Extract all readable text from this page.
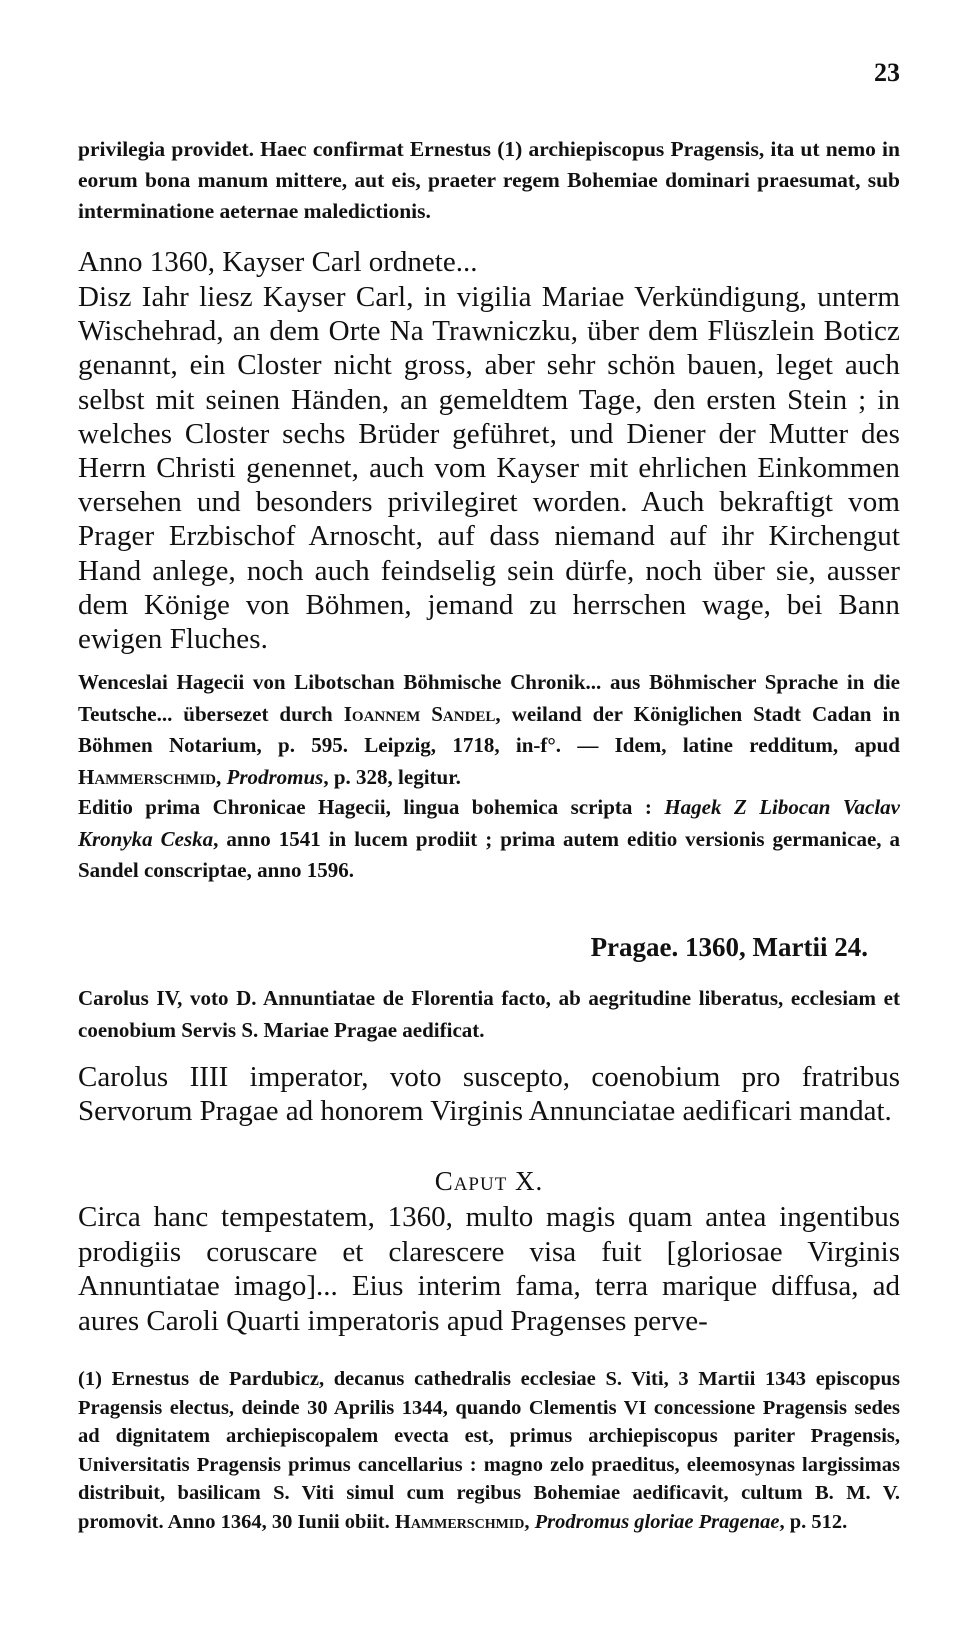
23

privilegia providet. Haec confirmat Ernestus (1) archiepiscopus Pragensis, ita ut nemo in eorum bona manum mittere, aut eis, praeter regem Bohemiae dominari praesumat, sub interminatione aeternae maledictionis.

Anno 1360, Kayser Carl ordnete...

Disz Iahr liesz Kayser Carl, in vigilia Mariae Verkündigung, unterm Wischehrad, an dem Orte Na Trawniczku, über dem Flüszlein Boticz genannt, ein Closter nicht gross, aber sehr schön bauen, leget auch selbst mit seinen Händen, an gemeldtem Tage, den ersten Stein ; in welches Closter sechs Brüder geführet, und Diener der Mutter des Herrn Christi genennet, auch vom Kayser mit ehrlichen Einkommen versehen und besonders privilegiret worden. Auch bekraftigt vom Prager Erzbischof Arnoscht, auf dass niemand auf ihr Kirchengut Hand anlege, noch auch feindselig sein dürfe, noch über sie, ausser dem Könige von Böhmen, jemand zu herrschen wage, bei Bann ewigen Fluches.

Wenceslai Hagecii von Libotschan Böhmische Chronik... aus Böhmischer Sprache in die Teutsche... übersezet durch Ioannem Sandel, weiland der Königlichen Stadt Cadan in Böhmen Notarium, p. 595. Leipzig, 1718, in-f°. — Idem, latine redditum, apud Hammerschmid, Prodromus, p. 328, legitur.

Editio prima Chronicae Hagecii, lingua bohemica scripta : Hagek Z Libocan Vaclav Kronyka Ceska, anno 1541 in lucem prodiit ; prima autem editio versionis germanicae, a Sandel conscriptae, anno 1596.

Pragae. 1360, Martii 24.

Carolus IV, voto D. Annuntiatae de Florentia facto, ab aegritudine liberatus, ecclesiam et coenobium Servis S. Mariae Pragae aedificat.

Carolus IIII imperator, voto suscepto, coenobium pro fratribus Servorum Pragae ad honorem Virginis Annunciatae aedificari mandat.

Caput X.

Circa hanc tempestatem, 1360, multo magis quam antea ingentibus prodigiis coruscare et clarescere visa fuit [gloriosae Virginis Annuntiatae imago]... Eius interim fama, terra marique diffusa, ad aures Caroli Quarti imperatoris apud Pragenses perve-

(1) Ernestus de Pardubicz, decanus cathedralis ecclesiae S. Viti, 3 Martii 1343 episcopus Pragensis electus, deinde 30 Aprilis 1344, quando Clementis VI concessione Pragensis sedes ad dignitatem archiepiscopalem evecta est, primus archiepiscopus pariter Pragensis, Universitatis Pragensis primus cancellarius : magno zelo praeditus, eleemosynas largissimas distribuit, basilicam S. Viti simul cum regibus Bohemiae aedificavit, cultum B. M. V. promovit. Anno 1364, 30 Iunii obiit. Hammerschmid, Prodromus gloriae Pragenae, p. 512.
